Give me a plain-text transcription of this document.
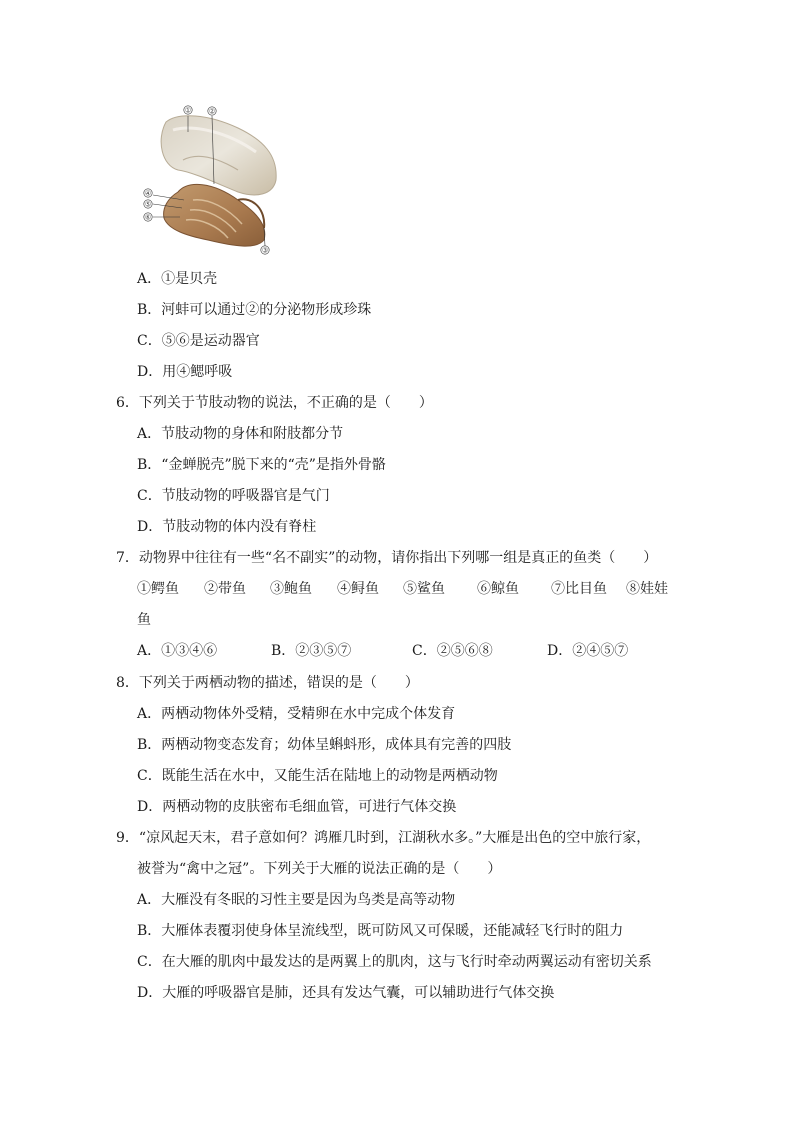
①	②
③
④
⑤
⑥
A．①是贝壳
B．河蚌可以通过②的分泌物形成珍珠
C．⑤⑥是运动器官
D．用④鳃呼吸
6．下列关于节肢动物的说法，不正确的是（　　）
A．节肢动物的身体和附肢都分节
B．“金蝉脱壳”脱下来的“壳”是指外骨骼
C．节肢动物的呼吸器官是气门
D．节肢动物的体内没有脊柱
7．动物界中往往有一些“名不副实”的动物，请你指出下列哪一组是真正的鱼类（　　）
①鳄鱼 ②带鱼 ③鲍鱼 ④鲟鱼 ⑤鲨鱼 ⑥鲸鱼 ⑦比目鱼 ⑧娃娃
鱼
A．①③④⑥	B．②③⑤⑦	C．②⑤⑥⑧	D．②④⑤⑦
8．下列关于两栖动物的描述，错误的是（　　）
A．两栖动物体外受精，受精卵在水中完成个体发育
B．两栖动物变态发育；幼体呈蝌蚪形，成体具有完善的四肢
C．既能生活在水中，又能生活在陆地上的动物是两栖动物
D．两栖动物的皮肤密布毛细血管，可进行气体交换
9．“凉风起天末，君子意如何？鸿雁几时到，江湖秋水多。”大雁是出色的空中旅行家，
被誉为“禽中之冠”。下列关于大雁的说法正确的是（　　）
A．大雁没有冬眠的习性主要是因为鸟类是高等动物
B．大雁体表覆羽使身体呈流线型，既可防风又可保暖，还能减轻飞行时的阻力
C．在大雁的肌肉中最发达的是两翼上的肌肉，这与飞行时牵动两翼运动有密切关系
D．大雁的呼吸器官是肺，还具有发达气囊，可以辅助进行气体交换
